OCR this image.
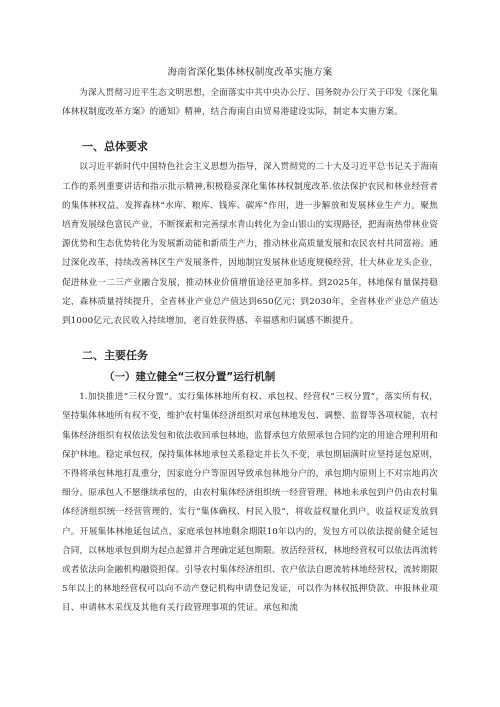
海南省深化集体林权制度改革实施方案

为深入贯彻习近平生态文明思想，全面落实中共中央办公厅、国务院办公厅关于印发《深化集体林权制度改革方案》的通知》精神，结合海南自由贸易港建设实际，制定本实施方案。

一、总体要求

以习近平新时代中国特色社会主义思想为指导，深入贯彻党的二十大及习近平总书记关于海南工作的系列重要讲话和指示批示精神,积极稳妥深化集体林权制度改革.依法保护农民和林业经营者的集体林权益，发挥森林“水库、粮库、钱库、碳库”作用，进一步解放和发展林业生产力。聚焦培育发展绿色富民产业，不断探索和完善绿水青山转化为金山银山的实现路径，把海南热带林业资源优势和生态优势转化为发展新动能和新质生产力，推动林业高质量发展和农民农村共同富裕。通过深化改革，持续改善林区生产发展条件，因地制宜发展林业适度规模经营，壮大林业龙头企业，促进林业一二三产业融合发展，推动林业价值增值途径更加多样。到2025年，林地保有量保持稳定，森林质量持续提升，全省林业产业总产值达到650亿元；到2030年，全省林业产业总产值达到1000亿元,农民收入持续增加，老百姓获得感、幸福感和归属感不断提升。

二、主要任务
（一）建立健全“三权分置”运行机制

1.加快推进“三权分置”。实行集体林地所有权、承包权、经营权“三权分置”，落实所有权，坚持集体林地所有权不变，维护农村集体经济组织对承包林地发包、调整、监督等各项权能，农村集体经济组织有权依法发包和依法收回承包林地，监督承包方依照承包合同约定的用途合理利用和保护林地。稳定承包权，保持集体林地承包关系稳定并长久不变，承包期届满时应坚持延包原则，不得将承包林地打乱重分，因家庭分户等原因导致承包林地分户的，承包期内原则上不对宗地再次细分。原承包人不愿继续承包的，由农村集体经济组织统一经营管理。林地未承包到户仍由农村集体经济组织统一经营管理的，实行“集体确权、村民入股”，将收益权量化到户，收益权证发放到户。开展集体林地延包试点，家庭承包林地剩余期限10年以内的，发包方可以依法提前健全延包合同，以林地承包到期为起点起算并合理确定延包期限。放活经营权，林地经营权可以依法再流转或者依法向金融机构融资担保。引导农村集体经济组织、农户依法自愿流转林地经营权，流转期限5年以上的林地经营权可以向不动产登记机构申请登记发证，可以作为林权抵押贷款、申报林业项目、申请林木采伐及其他有关行政管理事项的凭证。承包和流
